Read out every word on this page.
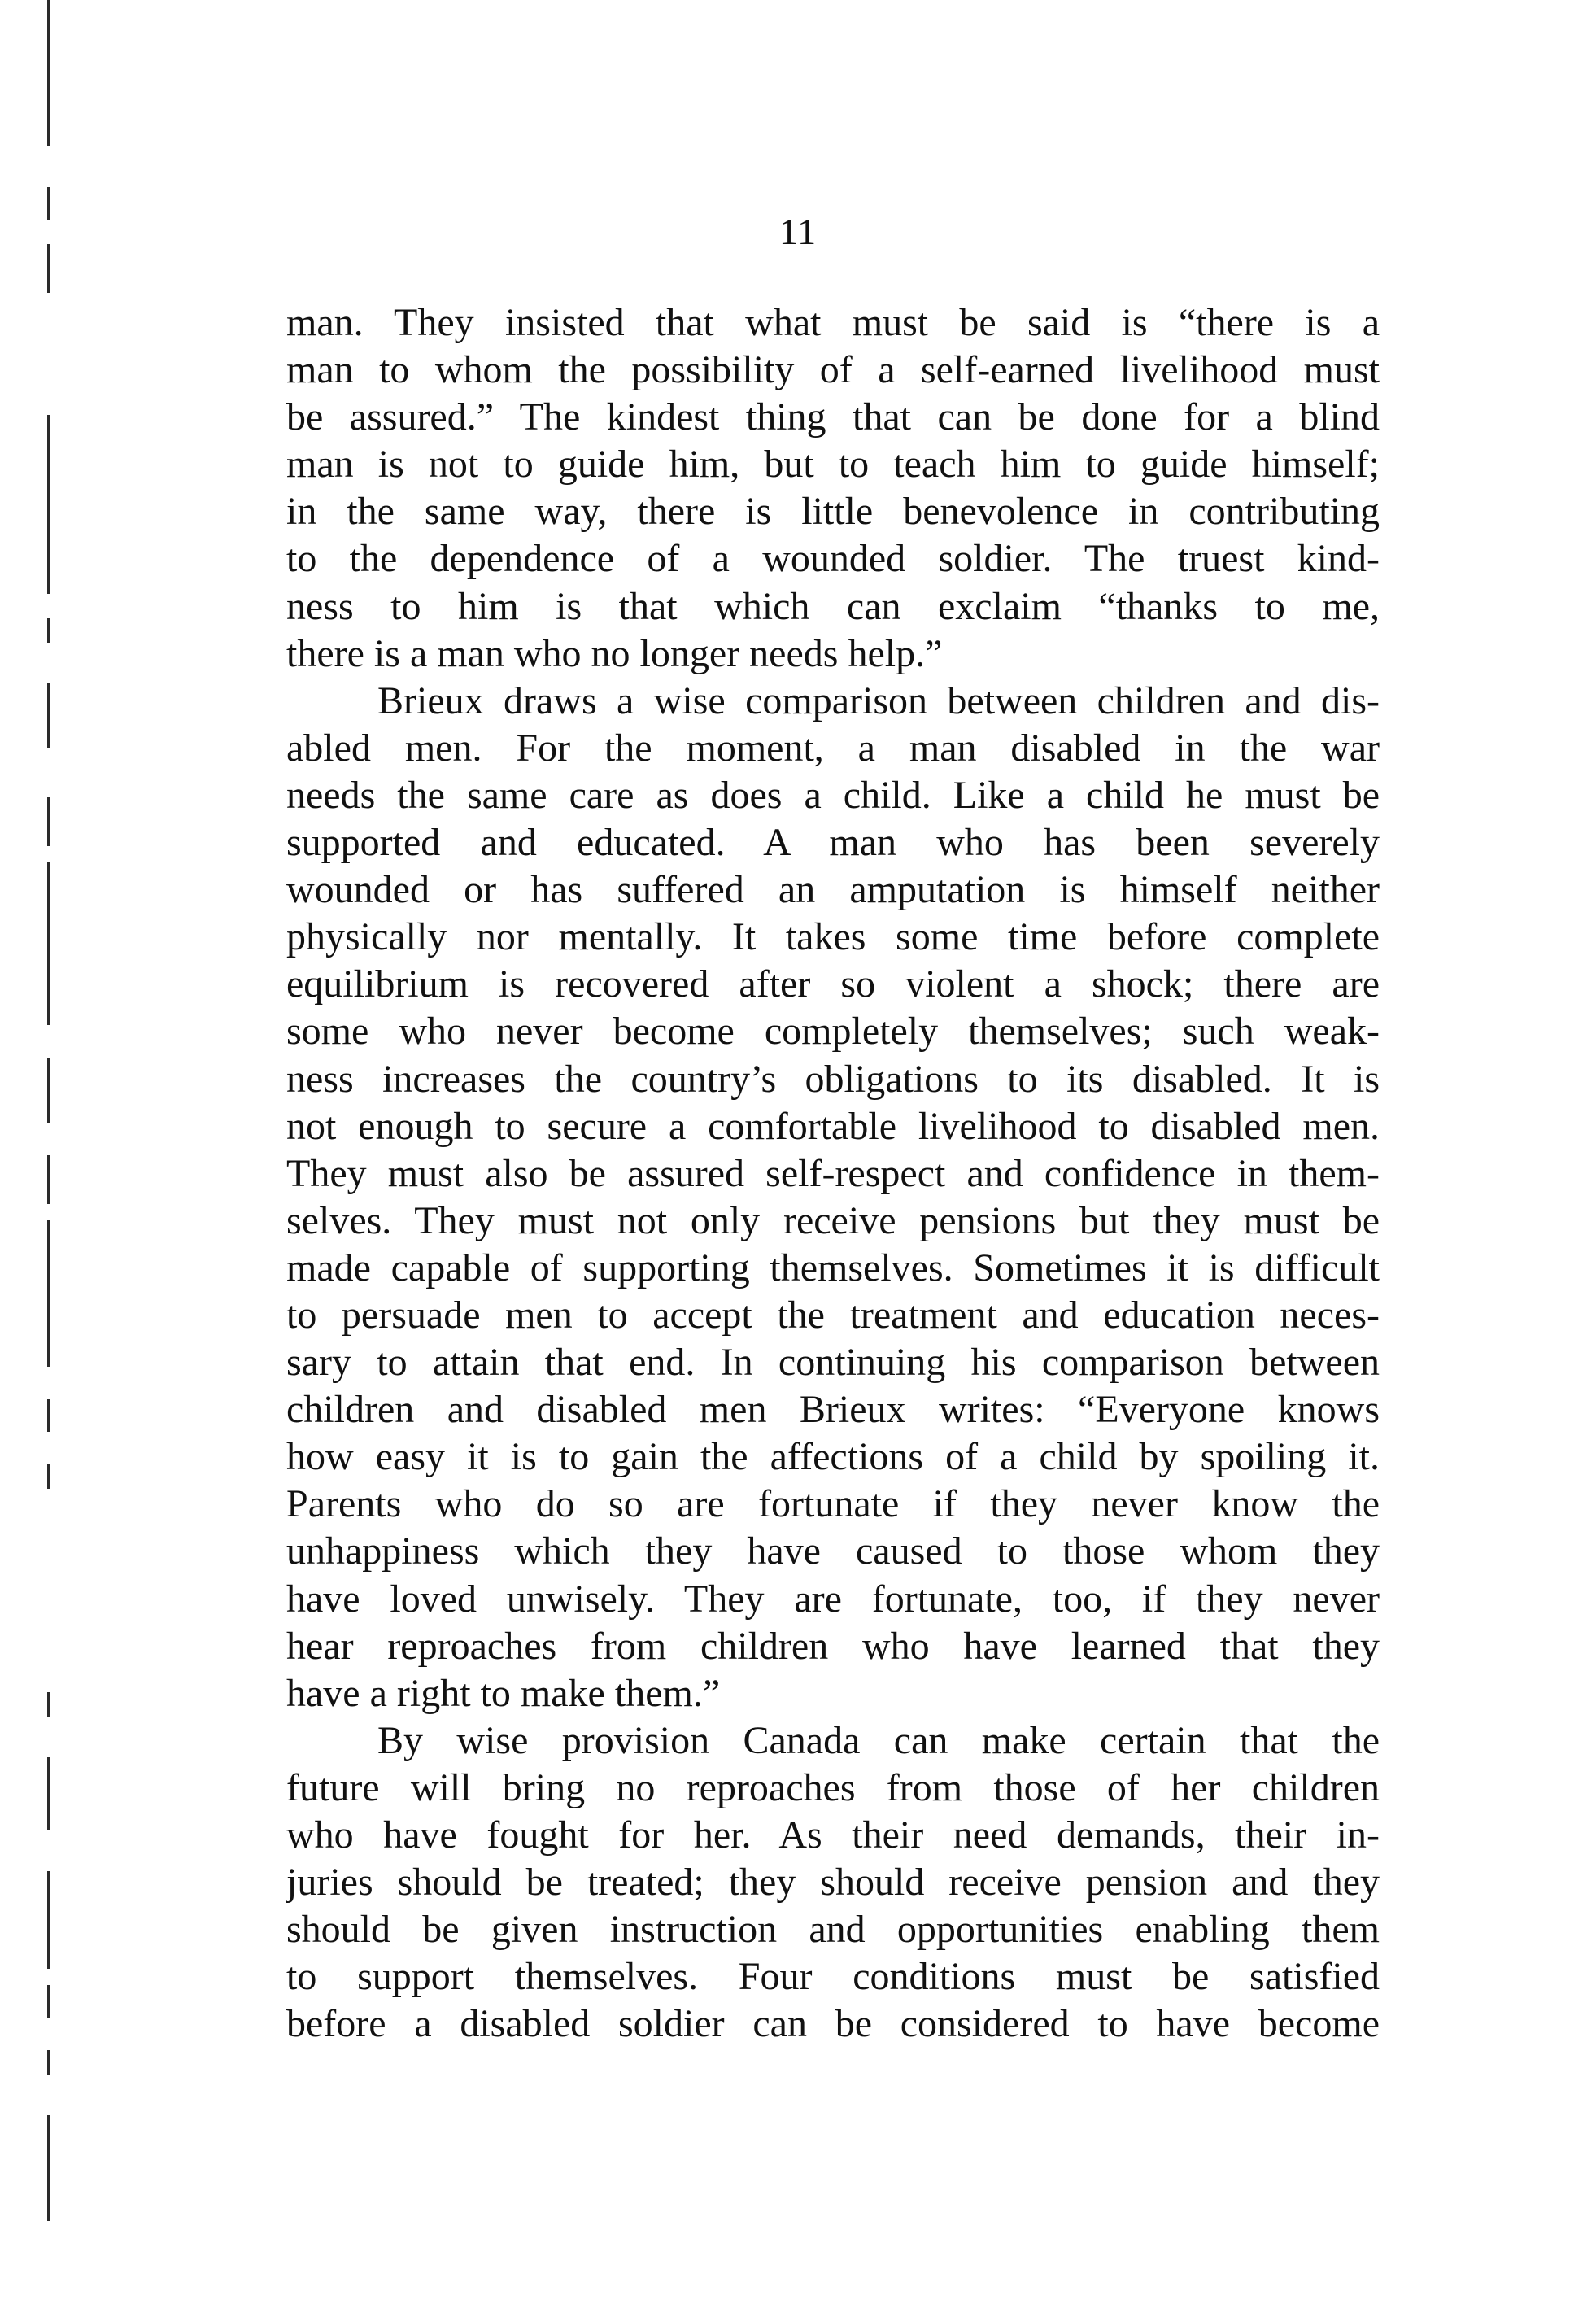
11

man. They insisted that what must be said is “there is a
man to whom the possibility of a self-earned livelihood must
be assured.” The kindest thing that can be done for a blind
man is not to guide him, but to teach him to guide himself;
in the same way, there is little benevolence in contributing
to the dependence of a wounded soldier. The truest kind-
ness to him is that which can exclaim “thanks to me,
there is a man who no longer needs help.”

Brieux draws a wise comparison between children and dis-
abled men. For the moment, a man disabled in the war
needs the same care as does a child. Like a child he must be
supported and educated. A man who has been severely
wounded or has suffered an amputation is himself neither
physically nor mentally. It takes some time before complete
equilibrium is recovered after so violent a shock; there are
some who never become completely themselves; such weak-
ness increases the country’s obligations to its disabled. It is
not enough to secure a comfortable livelihood to disabled men.
They must also be assured self-respect and confidence in them-
selves. They must not only receive pensions but they must be
made capable of supporting themselves. Sometimes it is difficult
to persuade men to accept the treatment and education neces-
sary to attain that end. In continuing his comparison between
children and disabled men Brieux writes: “Everyone knows
how easy it is to gain the affections of a child by spoiling it.
Parents who do so are fortunate if they never know the
unhappiness which they have caused to those whom they
have loved unwisely. They are fortunate, too, if they never
hear reproaches from children who have learned that they
have a right to make them.”

By wise provision Canada can make certain that the
future will bring no reproaches from those of her children
who have fought for her. As their need demands, their in-
juries should be treated; they should receive pension and they
should be given instruction and opportunities enabling them
to support themselves. Four conditions must be satisfied
before a disabled soldier can be considered to have become
